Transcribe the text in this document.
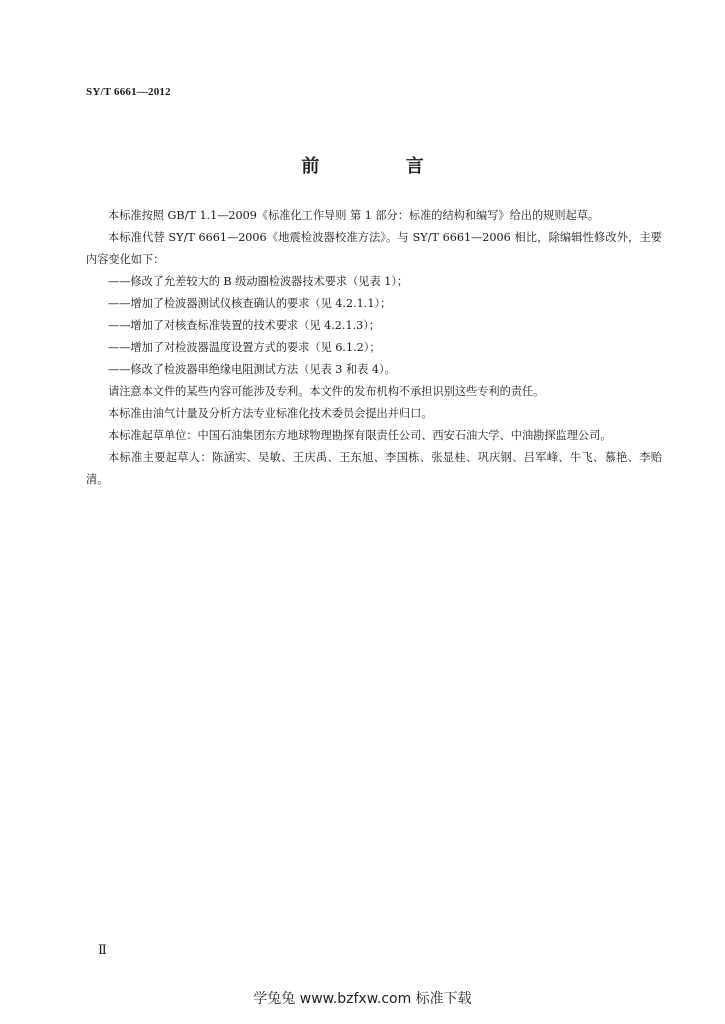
SY/T 6661—2012
前 言

本标准按照 GB/T 1.1—2009《标准化工作导则 第 1 部分：标准的结构和编写》给出的规则起草。

本标准代替 SY/T 6661—2006《地震检波器校准方法》。与 SY/T 6661—2006 相比，除编辑性修改外，主要内容变化如下：

——修改了允差较大的 B 级动圈检波器技术要求（见表 1）；

——增加了检波器测试仪核查确认的要求（见 4.2.1.1）；

——增加了对核查标准装置的技术要求（见 4.2.1.3）；

——增加了对检波器温度设置方式的要求（见 6.1.2）；

——修改了检波器串绝缘电阻测试方法（见表 3 和表 4）。

请注意本文件的某些内容可能涉及专利。本文件的发布机构不承担识别这些专利的责任。

本标准由油气计量及分析方法专业标准化技术委员会提出并归口。

本标准起草单位：中国石油集团东方地球物理勘探有限责任公司、西安石油大学、中油勘探监理公司。

本标准主要起草人：陈涵实、吴敏、王庆禹、王东旭、李国栋、张显桂、巩庆钢、吕军峰、牛飞、慕艳、李贻清。

Ⅱ
学兔兔 www.bzfxw.com 标准下载
